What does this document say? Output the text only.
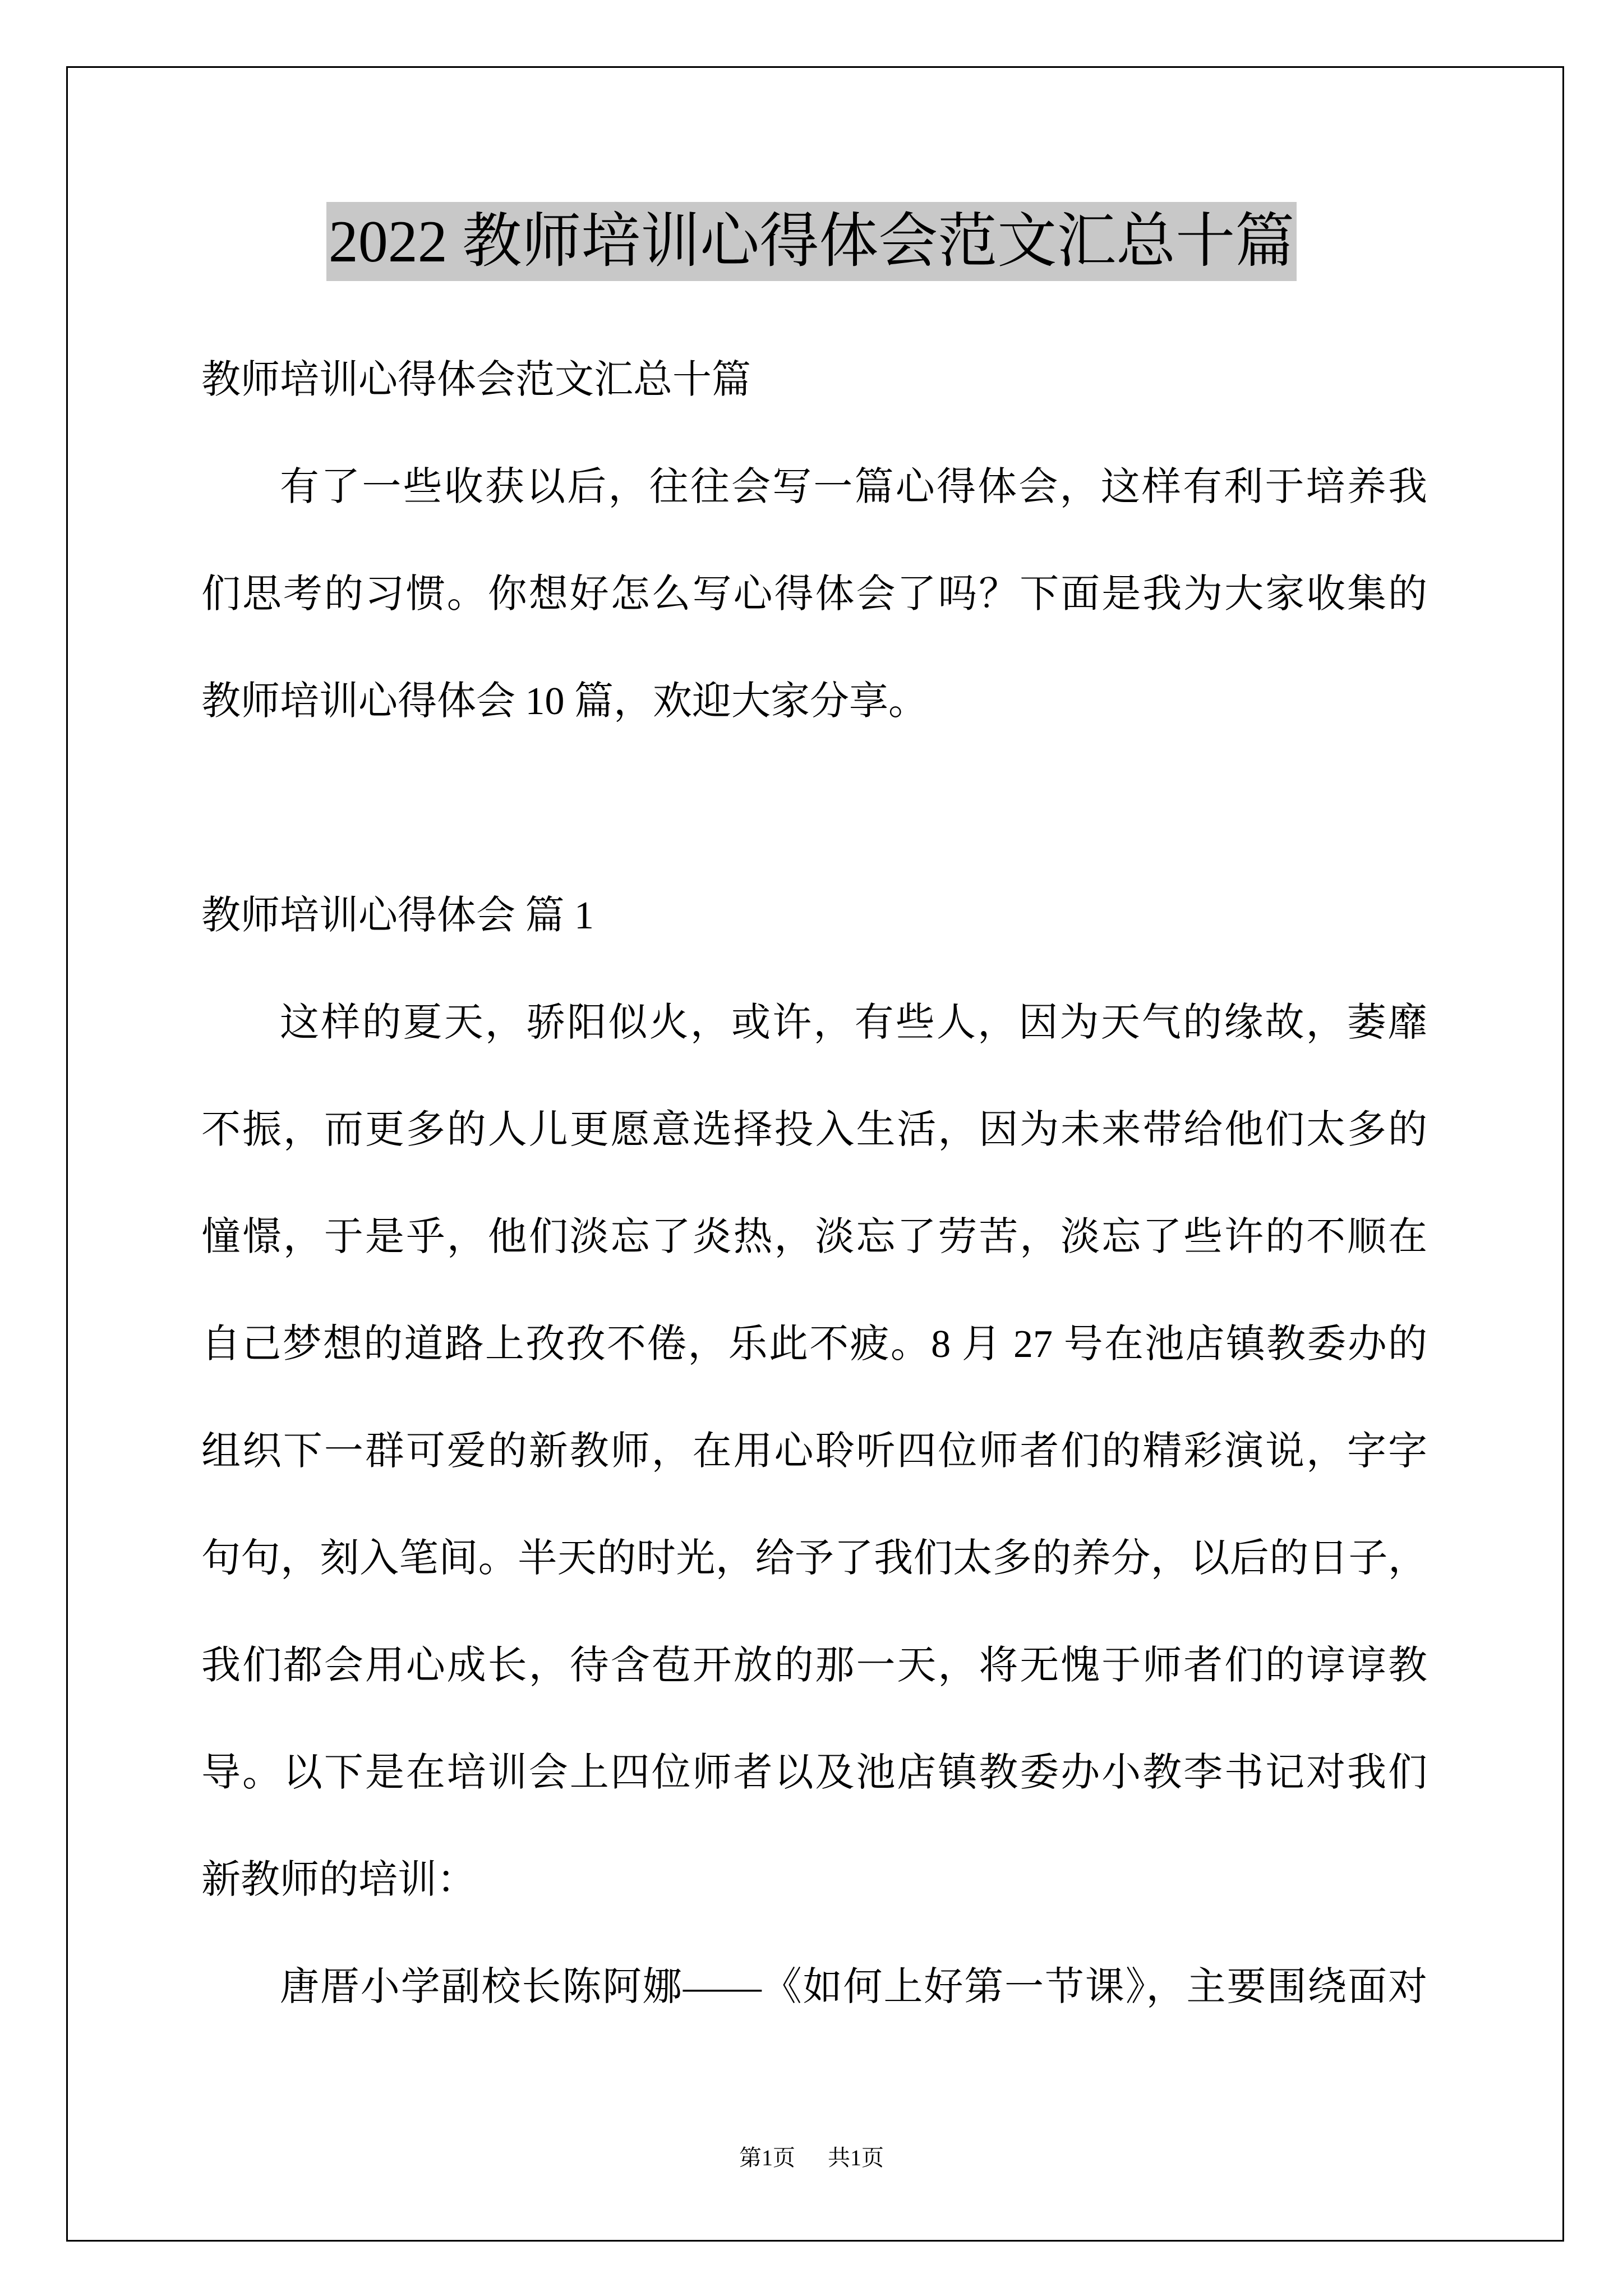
2022 教师培训心得体会范文汇总十篇
教师培训心得体会范文汇总十篇
有了一些收获以后，往往会写一篇心得体会，这样有利于培养我
们思考的习惯。你想好怎么写心得体会了吗？下面是我为大家收集的
教师培训心得体会 10 篇，欢迎大家分享。
教师培训心得体会 篇 1
这样的夏天，骄阳似火，或许，有些人，因为天气的缘故，萎靡
不振，而更多的人儿更愿意选择投入生活，因为未来带给他们太多的
憧憬，于是乎，他们淡忘了炎热，淡忘了劳苦，淡忘了些许的不顺在
自己梦想的道路上孜孜不倦，乐此不疲。8 月 27 号在池店镇教委办的
组织下一群可爱的新教师，在用心聆听四位师者们的精彩演说，字字
句句，刻入笔间。半天的时光，给予了我们太多的养分，以后的日子，
我们都会用心成长，待含苞开放的那一天，将无愧于师者们的谆谆教
导。以下是在培训会上四位师者以及池店镇教委办小教李书记对我们
新教师的培训：
唐厝小学副校长陈阿娜——《如何上好第一节课》，主要围绕面对
第1页 共1页
